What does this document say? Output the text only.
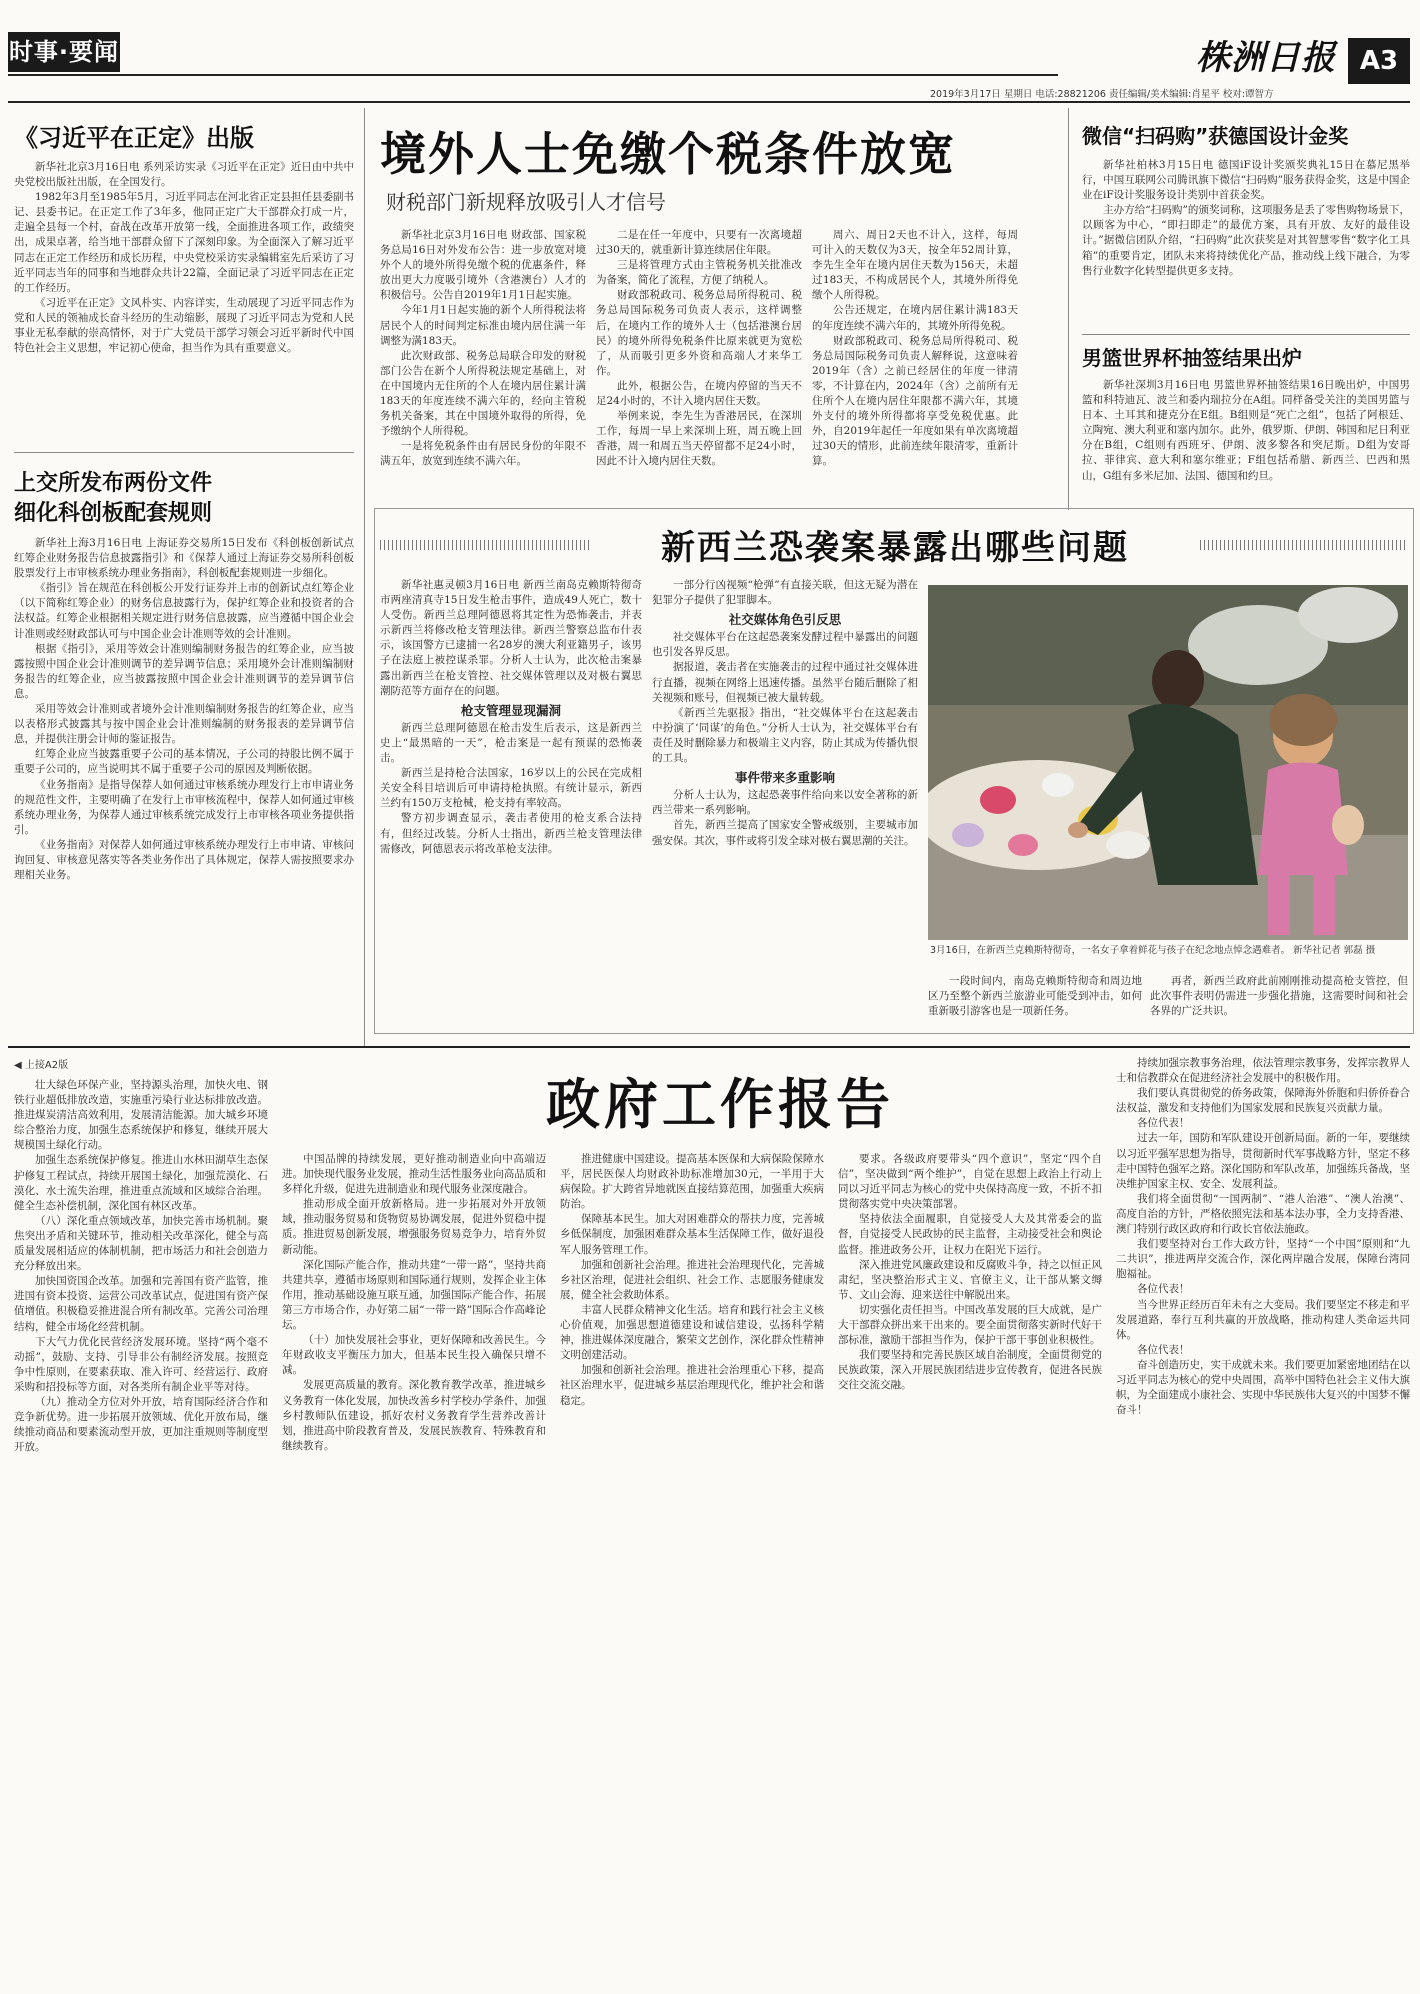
时事·要闻	株洲日报 A3
2019年3月17日 星期日 电话:28821206 责任编辑/美术编辑:肖星平 校对:谭智方
《习近平在正定》出版

新华社北京3月16日电 系列采访实录《习近平在正定》近日由中共中央党校出版社出版，在全国发行。

1982年3月至1985年5月，习近平同志在河北省正定县担任县委副书记、县委书记。在正定工作了3年多，他同正定广大干部群众打成一片，走遍全县每一个村，奋战在改革开放第一线，全面推进各项工作，政绩突出，成果卓著，给当地干部群众留下了深刻印象。为全面深入了解习近平同志在正定工作经历和成长历程，中央党校采访实录编辑室先后采访了习近平同志当年的同事和当地群众共计22篇，全面记录了习近平同志在正定的工作经历。

《习近平在正定》文风朴实、内容详实，生动展现了习近平同志作为党和人民的领袖成长奋斗经历的生动缩影，展现了习近平同志为党和人民事业无私奉献的崇高情怀，对于广大党员干部学习领会习近平新时代中国特色社会主义思想，牢记初心使命，担当作为具有重要意义。

上交所发布两份文件
细化科创板配套规则

新华社上海3月16日电 上海证券交易所15日发布《科创板创新试点红筹企业财务报告信息披露指引》和《保荐人通过上海证券交易所科创板股票发行上市审核系统办理业务指南》，科创板配套规则进一步细化。

《指引》旨在规范在科创板公开发行证券并上市的创新试点红筹企业（以下简称红筹企业）的财务信息披露行为，保护红筹企业和投资者的合法权益。红筹企业根据相关规定进行财务信息披露，应当遵循中国企业会计准则或经财政部认可与中国企业会计准则等效的会计准则。

根据《指引》，采用等效会计准则编制财务报告的红筹企业，应当披露按照中国企业会计准则调节的差异调节信息；采用境外会计准则编制财务报告的红筹企业，应当披露按照中国企业会计准则调节的差异调节信息。

采用等效会计准则或者境外会计准则编制财务报告的红筹企业，应当以表格形式披露其与按中国企业会计准则编制的财务报表的差异调节信息，并提供注册会计师的鉴证报告。

红筹企业应当披露重要子公司的基本情况，子公司的持股比例不属于重要子公司的，应当说明其不属于重要子公司的原因及判断依据。

《业务指南》是指导保荐人如何通过审核系统办理发行上市申请业务的规范性文件，主要明确了在发行上市审核流程中，保荐人如何通过审核系统办理业务，为保荐人通过审核系统完成发行上市审核各项业务提供指引。

《业务指南》对保荐人如何通过审核系统办理发行上市申请、审核问询回复、审核意见落实等各类业务作出了具体规定，保荐人需按照要求办理相关业务。

境外人士免缴个税条件放宽
财税部门新规释放吸引人才信号

新华社北京3月16日电 财政部、国家税务总局16日对外发布公告：进一步放宽对境外个人的境外所得免缴个税的优惠条件，释放出更大力度吸引境外（含港澳台）人才的积极信号。公告自2019年1月1日起实施。

今年1月1日起实施的新个人所得税法将居民个人的时间判定标准由境内居住满一年调整为满183天。

此次财政部、税务总局联合印发的财税部门公告在新个人所得税法规定基础上，对在中国境内无住所的个人在境内居住累计满183天的年度连续不满六年的，经向主管税务机关备案，其在中国境外取得的所得，免予缴纳个人所得税。

一是将免税条件由有居民身份的年限不满五年，放宽到连续不满六年。

二是在任一年度中，只要有一次离境超过30天的，就重新计算连续居住年限。

三是将管理方式由主管税务机关批准改为备案，简化了流程，方便了纳税人。

财政部税政司、税务总局所得税司、税务总局国际税务司负责人表示，这样调整后，在境内工作的境外人士（包括港澳台居民）的境外所得免税条件比原来就更为宽松了，从而吸引更多外资和高端人才来华工作。

此外，根据公告，在境内停留的当天不足24小时的，不计入境内居住天数。

举例来说，李先生为香港居民，在深圳工作，每周一早上来深圳上班，周五晚上回香港，周一和周五当天停留都不足24小时，因此不计入境内居住天数。

周六、周日2天也不计入，这样，每周可计入的天数仅为3天，按全年52周计算，李先生全年在境内居住天数为156天，未超过183天，不构成居民个人，其境外所得免缴个人所得税。

公告还规定，在境内居住累计满183天的年度连续不满六年的，其境外所得免税。

财政部税政司、税务总局所得税司、税务总局国际税务司负责人解释说，这意味着2019年（含）之前已经居住的年度一律清零，不计算在内，2024年（含）之前所有无住所个人在境内居住年限都不满六年，其境外支付的境外所得都将享受免税优惠。此外，自2019年起任一年度如果有单次离境超过30天的情形，此前连续年限清零，重新计算。

微信“扫码购”获德国设计金奖

新华社柏林3月15日电 德国iF设计奖颁奖典礼15日在慕尼黑举行，中国互联网公司腾讯旗下微信“扫码购”服务获得金奖，这是中国企业在iF设计奖服务设计类别中首获金奖。

主办方给“扫码购”的颁奖词称，这项服务是丢了零售购物场景下，以顾客为中心，“即扫即走”的最优方案，具有开放、友好的最佳设计。”据微信团队介绍，“扫码购”此次获奖是对其智慧零售“数字化工具箱”的重要肯定，团队未来将持续优化产品，推动线上线下融合，为零售行业数字化转型提供更多支持。

男篮世界杯抽签结果出炉

新华社深圳3月16日电 男篮世界杯抽签结果16日晚出炉，中国男篮和科特迪瓦、波兰和委内瑞拉分在A组。同样备受关注的美国男篮与日本、土耳其和捷克分在E组。B组则是“死亡之组”，包括了阿根廷、立陶宛、澳大利亚和塞内加尔。此外，俄罗斯、伊朗、韩国和尼日利亚分在B组，C组则有西班牙、伊朗、波多黎各和突尼斯。D组为安哥拉、菲律宾、意大利和塞尔维亚；F组包括希腊、新西兰、巴西和黑山，G组有多米尼加、法国、德国和约旦。

新西兰恐袭案暴露出哪些问题

新华社惠灵顿3月16日电 新西兰南岛克赖斯特彻奇市两座清真寺15日发生枪击事件，造成49人死亡，数十人受伤。新西兰总理阿德恩将其定性为恐怖袭击，并表示新西兰将修改枪支管理法律。新西兰警察总监布什表示，该国警方已逮捕一名28岁的澳大利亚籍男子，该男子在法庭上被控谋杀罪。分析人士认为，此次枪击案暴露出新西兰在枪支管控、社交媒体管理以及对极右翼思潮防范等方面存在的问题。

枪支管理显现漏洞

新西兰总理阿德恩在枪击发生后表示，这是新西兰史上“最黑暗的一天”，枪击案是一起有预谋的恐怖袭击。

新西兰是持枪合法国家，16岁以上的公民在完成相关安全科目培训后可申请持枪执照。有统计显示，新西兰约有150万支枪械，枪支持有率较高。

警方初步调查显示，袭击者使用的枪支系合法持有，但经过改装。分析人士指出，新西兰枪支管理法律需修改，阿德恩表示将改革枪支法律。

一部分行凶视频“枪弹”有直接关联，但这无疑为潜在犯罪分子提供了犯罪脚本。

社交媒体角色引反思

社交媒体平台在这起恐袭案发酵过程中暴露出的问题也引发各界反思。

据报道，袭击者在实施袭击的过程中通过社交媒体进行直播，视频在网络上迅速传播。虽然平台随后删除了相关视频和账号，但视频已被大量转载。

《新西兰先驱报》指出，“社交媒体平台在这起袭击中扮演了‘同谋’的角色。”分析人士认为，社交媒体平台有责任及时删除暴力和极端主义内容，防止其成为传播仇恨的工具。

事件带来多重影响

分析人士认为，这起恐袭事件给向来以安全著称的新西兰带来一系列影响。

首先，新西兰提高了国家安全警戒级别，主要城市加强安保。其次，事件或将引发全球对极右翼思潮的关注。

3月16日，在新西兰克赖斯特彻奇，一名女子拿着鲜花与孩子在纪念地点悼念遇难者。 新华社记者 郭磊 摄

一段时间内，南岛克赖斯特彻奇和周边地区乃至整个新西兰旅游业可能受到冲击，如何重新吸引游客也是一项新任务。

再者，新西兰政府此前刚刚推动提高枪支管控，但此次事件表明仍需进一步强化措施，这需要时间和社会各界的广泛共识。

◀ 上接A2版
政府工作报告

壮大绿色环保产业，坚持源头治理，加快火电、钢铁行业超低排放改造，实施重污染行业达标排放改造。推进煤炭清洁高效利用，发展清洁能源。加大城乡环境综合整治力度，加强生态系统保护和修复，继续开展大规模国土绿化行动。

加强生态系统保护修复。推进山水林田湖草生态保护修复工程试点，持续开展国土绿化，加强荒漠化、石漠化、水土流失治理，推进重点流域和区域综合治理。健全生态补偿机制，深化国有林区改革。

（八）深化重点领域改革，加快完善市场机制。聚焦突出矛盾和关键环节，推动相关改革深化，健全与高质量发展相适应的体制机制，把市场活力和社会创造力充分释放出来。

加快国资国企改革。加强和完善国有资产监管，推进国有资本投资、运营公司改革试点，促进国有资产保值增值。积极稳妥推进混合所有制改革。完善公司治理结构，健全市场化经营机制。

下大气力优化民营经济发展环境。坚持“两个毫不动摇”，鼓励、支持、引导非公有制经济发展。按照竞争中性原则，在要素获取、准入许可、经营运行、政府采购和招投标等方面，对各类所有制企业平等对待。

（九）推动全方位对外开放，培育国际经济合作和竞争新优势。进一步拓展开放领域、优化开放布局，继续推动商品和要素流动型开放，更加注重规则等制度型开放。

中国品牌的持续发展，更好推动制造业向中高端迈进。加快现代服务业发展，推动生活性服务业向高品质和多样化升级，促进先进制造业和现代服务业深度融合。

推动形成全面开放新格局。进一步拓展对外开放领域，推动服务贸易和货物贸易协调发展，促进外贸稳中提质。推进贸易创新发展，增强服务贸易竞争力，培育外贸新动能。

深化国际产能合作，推动共建“一带一路”，坚持共商共建共享，遵循市场原则和国际通行规则，发挥企业主体作用，推动基础设施互联互通，加强国际产能合作，拓展第三方市场合作，办好第二届“一带一路”国际合作高峰论坛。

（十）加快发展社会事业，更好保障和改善民生。今年财政收支平衡压力加大，但基本民生投入确保只增不减。

发展更高质量的教育。深化教育教学改革，推进城乡义务教育一体化发展，加快改善乡村学校办学条件，加强乡村教师队伍建设，抓好农村义务教育学生营养改善计划，推进高中阶段教育普及，发展民族教育、特殊教育和继续教育。

推进健康中国建设。提高基本医保和大病保险保障水平，居民医保人均财政补助标准增加30元，一半用于大病保险。扩大跨省异地就医直接结算范围，加强重大疾病防治。

保障基本民生。加大对困难群众的帮扶力度，完善城乡低保制度，加强困难群众基本生活保障工作，做好退役军人服务管理工作。

加强和创新社会治理。推进社会治理现代化，完善城乡社区治理，促进社会组织、社会工作、志愿服务健康发展，健全社会救助体系。

丰富人民群众精神文化生活。培育和践行社会主义核心价值观，加强思想道德建设和诚信建设，弘扬科学精神，推进媒体深度融合，繁荣文艺创作，深化群众性精神文明创建活动。

加强和创新社会治理。推进社会治理重心下移，提高社区治理水平，促进城乡基层治理现代化，维护社会和谐稳定。

要求。各级政府要带头“四个意识”，坚定“四个自信”，坚决做到“两个维护”，自觉在思想上政治上行动上同以习近平同志为核心的党中央保持高度一致，不折不扣贯彻落实党中央决策部署。

坚持依法全面履职，自觉接受人大及其常委会的监督，自觉接受人民政协的民主监督，主动接受社会和舆论监督。推进政务公开，让权力在阳光下运行。

深入推进党风廉政建设和反腐败斗争，持之以恒正风肃纪，坚决整治形式主义、官僚主义，让干部从繁文缛节、文山会海、迎来送往中解脱出来。

切实强化责任担当。中国改革发展的巨大成就，是广大干部群众拼出来干出来的。要全面贯彻落实新时代好干部标准，激励干部担当作为，保护干部干事创业积极性。

我们要坚持和完善民族区域自治制度，全面贯彻党的民族政策，深入开展民族团结进步宣传教育，促进各民族交往交流交融。

持续加强宗教事务治理，依法管理宗教事务，发挥宗教界人士和信教群众在促进经济社会发展中的积极作用。

我们要认真贯彻党的侨务政策，保障海外侨胞和归侨侨眷合法权益，激发和支持他们为国家发展和民族复兴贡献力量。

各位代表！

过去一年，国防和军队建设开创新局面。新的一年，要继续以习近平强军思想为指导，贯彻新时代军事战略方针，坚定不移走中国特色强军之路。深化国防和军队改革，加强练兵备战，坚决维护国家主权、安全、发展利益。

我们将全面贯彻“一国两制”、“港人治港”、“澳人治澳”、高度自治的方针，严格依照宪法和基本法办事，全力支持香港、澳门特别行政区政府和行政长官依法施政。

我们要坚持对台工作大政方针，坚持“一个中国”原则和“九二共识”，推进两岸交流合作，深化两岸融合发展，保障台湾同胞福祉。

各位代表！

当今世界正经历百年未有之大变局。我们要坚定不移走和平发展道路，奉行互利共赢的开放战略，推动构建人类命运共同体。

各位代表！

奋斗创造历史，实干成就未来。我们要更加紧密地团结在以习近平同志为核心的党中央周围，高举中国特色社会主义伟大旗帜，为全面建成小康社会、实现中华民族伟大复兴的中国梦不懈奋斗！
